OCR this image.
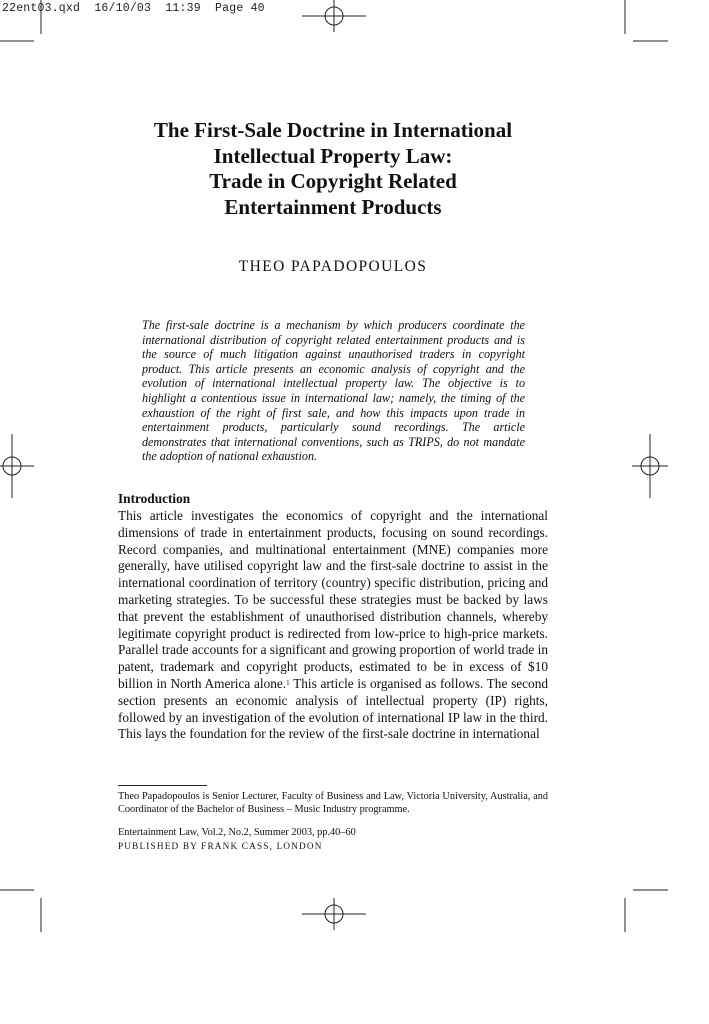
22ent03.qxd  16/10/03  11:39  Page 40
The First-Sale Doctrine in International
Intellectual Property Law:
Trade in Copyright Related
Entertainment Products
THEO PAPADOPOULOS

The first-sale doctrine is a mechanism by which producers coordinate the international distribution of copyright related entertainment products and is the source of much litigation against unauthorised traders in copyright product. This article presents an economic analysis of copyright and the evolution of international intellectual property law. The objective is to highlight a contentious issue in international law; namely, the timing of the exhaustion of the right of first sale, and how this impacts upon trade in entertainment products, particularly sound recordings. The article demonstrates that international conventions, such as TRIPS, do not mandate the adoption of national exhaustion.

Introduction

This article investigates the economics of copyright and the international dimensions of trade in entertainment products, focusing on sound recordings. Record companies, and multinational entertainment (MNE) companies more generally, have utilised copyright law and the first-sale doctrine to assist in the international coordination of territory (country) specific distribution, pricing and marketing strategies. To be successful these strategies must be backed by laws that prevent the establishment of unauthorised distribution channels, whereby legitimate copyright product is redirected from low-price to high-price markets. Parallel trade accounts for a significant and growing proportion of world trade in patent, trademark and copyright products, estimated to be in excess of $10 billion in North America alone.$^1$ This article is organised as follows. The second section presents an economic analysis of intellectual property (IP) rights, followed by an investigation of the evolution of international IP law in the third. This lays the foundation for the review of the first-sale doctrine in international

Theo Papadopoulos is Senior Lecturer, Faculty of Business and Law, Victoria University, Australia, and Coordinator of the Bachelor of Business – Music Industry programme.

Entertainment Law, Vol.2, No.2, Summer 2003, pp.40–60
PUBLISHED BY FRANK CASS, LONDON
